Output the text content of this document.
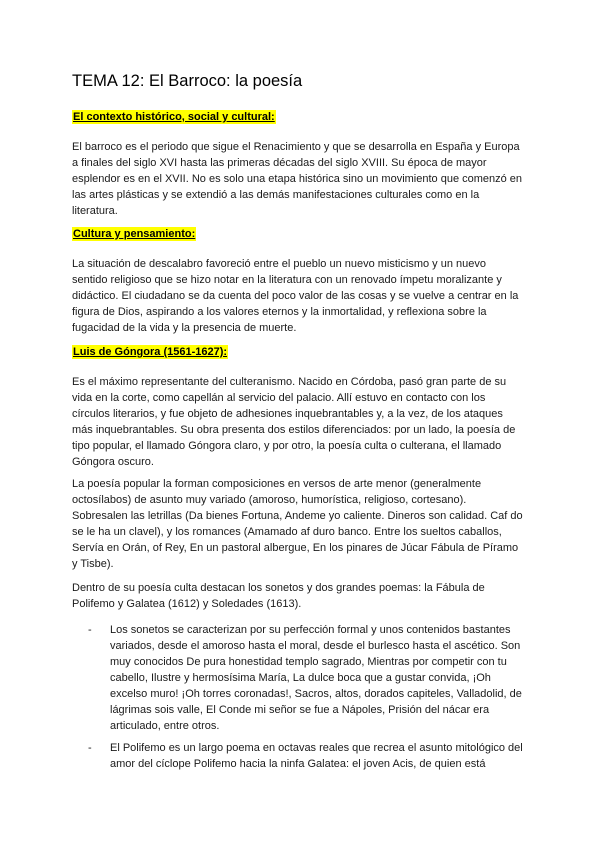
TEMA 12: El Barroco: la poesía
El contexto histórico, social y cultural:
El barroco es el periodo que sigue el Renacimiento y que se desarrolla en España y Europa
a finales del siglo XVI hasta las primeras décadas del siglo XVIII. Su época de mayor
esplendor es en el XVII. No es solo una etapa histórica sino un movimiento que comenzó en
las artes plásticas y se extendió a las demás manifestaciones culturales como en la
literatura.
Cultura y pensamiento:
La situación de descalabro favoreció entre el pueblo un nuevo misticismo y un nuevo
sentido religioso que se hizo notar en la literatura con un renovado ímpetu moralizante y
didáctico. El ciudadano se da cuenta del poco valor de las cosas y se vuelve a centrar en la
figura de Dios, aspirando a los valores eternos y la inmortalidad, y reflexiona sobre la
fugacidad de la vida y la presencia de muerte.
Luis de Góngora (1561-1627):
Es el máximo representante del culteranismo. Nacido en Córdoba, pasó gran parte de su
vida en la corte, como capellán al servicio del palacio. Allí estuvo en contacto con los
círculos literarios, y fue objeto de adhesiones inquebrantables y, a la vez, de los ataques
más inquebrantables. Su obra presenta dos estilos diferenciados: por un lado, la poesía de
tipo popular, el llamado Góngora claro, y por otro, la poesía culta o culterana, el llamado
Góngora oscuro.
La poesía popular la forman composiciones en versos de arte menor (generalmente
octosílabos) de asunto muy variado (amoroso, humorística, religioso, cortesano).
Sobresalen las letrillas (Da bienes Fortuna, Andeme yo caliente. Dineros son calidad. Caf do
se le ha un clavel), y los romances (Amamado af duro banco. Entre los sueltos caballos,
Servía en Orán, of Rey, En un pastoral albergue, En los pinares de Júcar Fábula de Píramo
y Tisbe).
Dentro de su poesía culta destacan los sonetos y dos grandes poemas: la Fábula de
Polifemo y Galatea (1612) y Soledades (1613).
- Los sonetos se caracterizan por su perfección formal y unos contenidos bastantes
variados, desde el amoroso hasta el moral, desde el burlesco hasta el ascético. Son
muy conocidos De pura honestidad templo sagrado, Mientras por competir con tu
cabello, Ilustre y hermosísima María, La dulce boca que a gustar convida, ¡Oh
excelso muro! ¡Oh torres coronadas!, Sacros, altos, dorados capiteles, Valladolid, de
lágrimas sois valle, El Conde mi señor se fue a Nápoles, Prisión del nácar era
articulado, entre otros.
- El Polifemo es un largo poema en octavas reales que recrea el asunto mitológico del
amor del cíclope Polifemo hacia la ninfa Galatea: el joven Acis, de quien está
